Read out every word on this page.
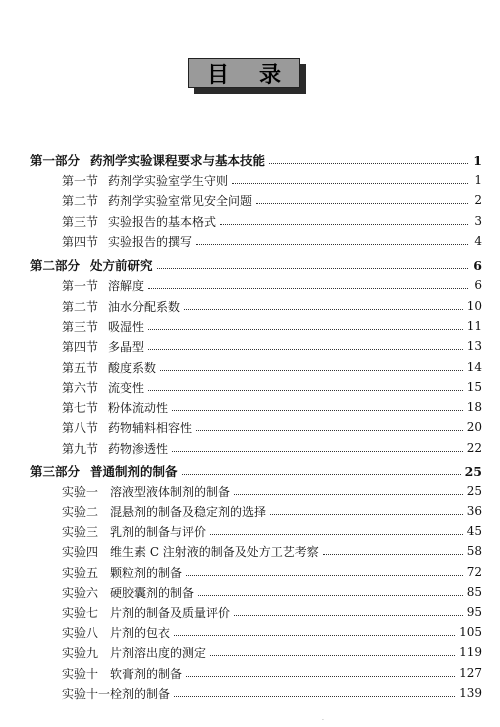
目 录
第一部分 药剂学实验课程要求与基本技能	1
第一节 药剂学实验室学生守则	1
第二节 药剂学实验室常见安全问题	2
第三节 实验报告的基本格式	3
第四节 实验报告的撰写	4
第二部分 处方前研究	6
第一节 溶解度	6
第二节 油水分配系数	10
第三节 吸湿性	11
第四节 多晶型	13
第五节 酸度系数	14
第六节 流变性	15
第七节 粉体流动性	18
第八节 药物辅料相容性	20
第九节 药物渗透性	22
第三部分 普通制剂的制备	25
实验一 溶液型液体制剂的制备	25
实验二 混悬剂的制备及稳定剂的选择	36
实验三 乳剂的制备与评价	45
实验四 维生素 C 注射液的制备及处方工艺考察	58
实验五 颗粒剂的制备	72
实验六 硬胶囊剂的制备	85
实验七 片剂的制备及质量评价	95
实验八 片剂的包衣	105
实验九 片剂溶出度的测定	119
实验十 软膏剂的制备	127
实验十一 栓剂的制备	139
.
